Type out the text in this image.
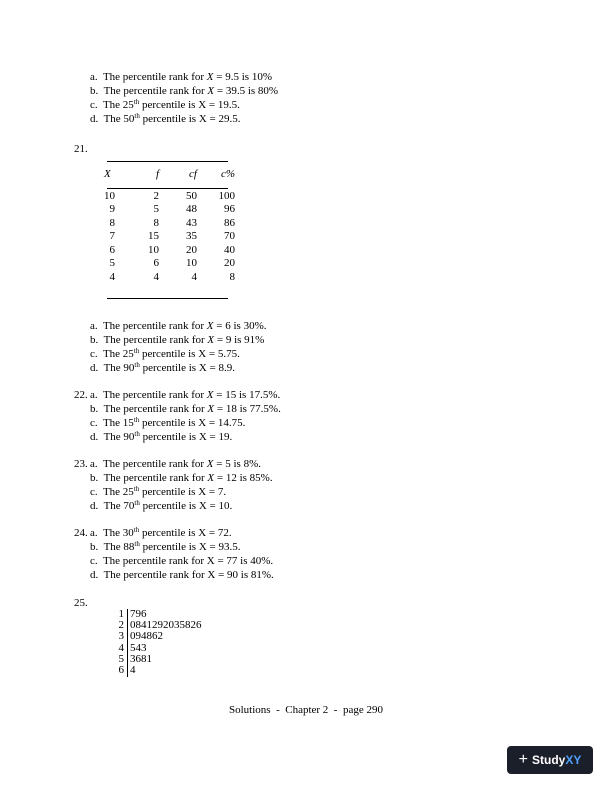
a. The percentile rank for X = 9.5 is 10%
b. The percentile rank for X = 39.5 is 80%
c. The 25th percentile is X = 19.5.
d. The 50th percentile is X = 29.5.
21.
X	f	cf	c%

10	2	50	100
9	5	48	96
8	8	43	86
7	15	35	70
6	10	20	40
5	6	10	20
4	4	4	8
a. The percentile rank for X = 6 is 30%.
b. The percentile rank for X = 9 is 91%
c. The 25th percentile is X = 5.75.
d. The 90th percentile is X = 8.9.
22. a. The percentile rank for X = 15 is 17.5%.
b. The percentile rank for X = 18 is 77.5%.
c. The 15th percentile is X = 14.75.
d. The 90th percentile is X = 19.
23. a. The percentile rank for X = 5 is 8%.
b. The percentile rank for X = 12 is 85%.
c. The 25th percentile is X = 7.
d. The 70th percentile is X = 10.
24. a. The 30th percentile is X = 72.
b. The 88th percentile is X = 93.5.
c. The percentile rank for X = 77 is 40%.
d. The percentile rank for X = 90 is 81%.
25.
1 796
2 0841292035826
3 094862
4 543
5 3681
6 4
Solutions  -  Chapter 2  -  page 290
+ StudyXY
